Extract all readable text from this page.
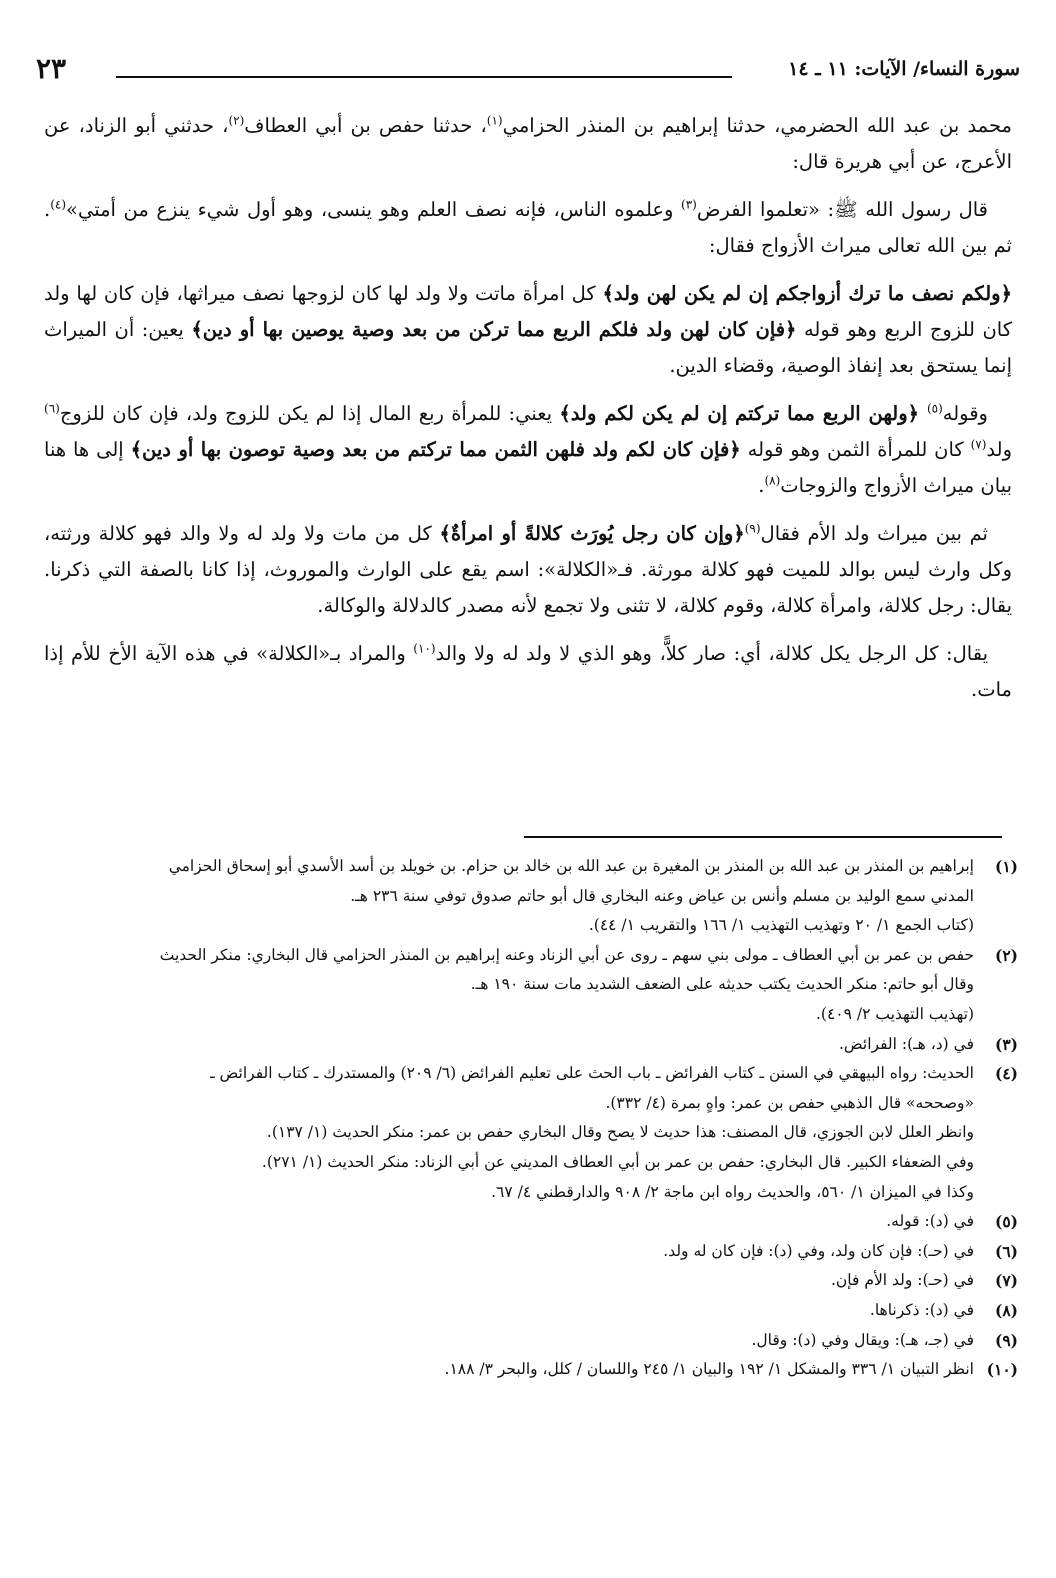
سورة النساء/ الآيات: ١١ ـ ١٤
٢٣

محمد بن عبد الله الحضرمي، حدثنا إبراهيم بن المنذر الحزامي$^{(١)}$، حدثنا حفص بن أبي العطاف$^{(٢)}$، حدثني أبو الزناد، عن الأعرج، عن أبي هريرة قال:

قال رسول الله ﷺ: «تعلموا الفرض$^{(٣)}$ وعلموه الناس، فإنه نصف العلم وهو ينسى، وهو أول شيء ينزع من أمتي»$^{(٤)}$. ثم بين الله تعالى ميراث الأزواج فقال:

﴿ولكم نصف ما ترك أزواجكم إن لم يكن لهن ولد﴾ كل امرأة ماتت ولا ولد لها كان لزوجها نصف ميراثها، فإن كان لها ولد كان للزوج الربع وهو قوله ﴿فإن كان لهن ولد فلكم الربع مما تركن من بعد وصية يوصين بها أو دين﴾ يعين: أن الميراث إنما يستحق بعد إنفاذ الوصية، وقضاء الدين.

وقوله$^{(٥)}$ ﴿ولهن الربع مما تركتم إن لم يكن لكم ولد﴾ يعني: للمرأة ربع المال إذا لم يكن للزوج ولد، فإن كان للزوج$^{(٦)}$ ولد$^{(٧)}$ كان للمرأة الثمن وهو قوله ﴿فإن كان لكم ولد فلهن الثمن مما تركتم من بعد وصية توصون بها أو دين﴾ إلى ها هنا بيان ميراث الأزواج والزوجات$^{(٨)}$.

ثم بين ميراث ولد الأم فقال$^{(٩)}$﴿وإن كان رجل يُورَث كلالةً أو امرأةٌ﴾ كل من مات ولا ولد له ولا والد فهو كلالة ورثته، وكل وارث ليس بوالد للميت فهو كلالة مورثة. فـ«الكلالة»: اسم يقع على الوارث والموروث، إذا كانا بالصفة التي ذكرنا. يقال: رجل كلالة، وامرأة كلالة، وقوم كلالة، لا تثنى ولا تجمع لأنه مصدر كالدلالة والوكالة.

يقال: كل الرجل يكل كلالة، أي: صار كلاًّ، وهو الذي لا ولد له ولا والد$^{(١٠)}$ والمراد بـ«الكلالة» في هذه الآية الأخ للأم إذا مات.

(١)
إبراهيم بن المنذر بن عبد الله بن المنذر بن المغيرة بن عبد الله بن خالد بن حزام. بن خويلد بن أسد الأسدي أبو إسحاق الحزامي
المدني سمع الوليد بن مسلم وأنس بن عياض وعنه البخاري قال أبو حاتم صدوق توفي سنة ٢٣٦ هـ.
(كتاب الجمع ١/ ٢٠ وتهذيب التهذيب ١/ ١٦٦ والتقريب ١/ ٤٤).
(٢)
حفص بن عمر بن أبي العطاف ـ مولى بني سهم ـ روى عن أبي الزناد وعنه إبراهيم بن المنذر الحزامي قال البخاري: منكر الحديث
وقال أبو حاتم: منكر الحديث يكتب حديثه على الضعف الشديد مات سنة ١٩٠ هـ.
(تهذيب التهذيب ٢/ ٤٠٩).
(٣)
في (د، هـ): الفرائض.
(٤)
الحديث: رواه البيهقي في السنن ـ كتاب الفرائض ـ باب الحث على تعليم الفرائض (٦/ ٢٠٩) والمستدرك ـ كتاب الفرائض ـ
«وصححه» قال الذهبي حفص بن عمر: واهٍ بمرة (٤/ ٣٣٢).
وانظر العلل لابن الجوزي، قال المصنف: هذا حديث لا يصح وقال البخاري حفص بن عمر: منكر الحديث (١/ ١٣٧).
وفي الضعفاء الكبير. قال البخاري: حفص بن عمر بن أبي العطاف المديني عن أبي الزناد: منكر الحديث (١/ ٢٧١).
وكذا في الميزان ١/ ٥٦٠، والحديث رواه ابن ماجة ٢/ ٩٠٨ والدارقطني ٤/ ٦٧.
(٥)
في (د): قوله.
(٦)
في (حـ): فإن كان ولد، وفي (د): فإن كان له ولد.
(٧)
في (حـ): ولد الأم فإن.
(٨)
في (د): ذكرناها.
(٩)
في (جـ، هـ): ويقال وفي (د): وقال.
(١٠)
انظر التبيان ١/ ٣٣٦ والمشكل ١/ ١٩٢ والبيان ١/ ٢٤٥ واللسان / كلل، والبحر ٣/ ١٨٨.
